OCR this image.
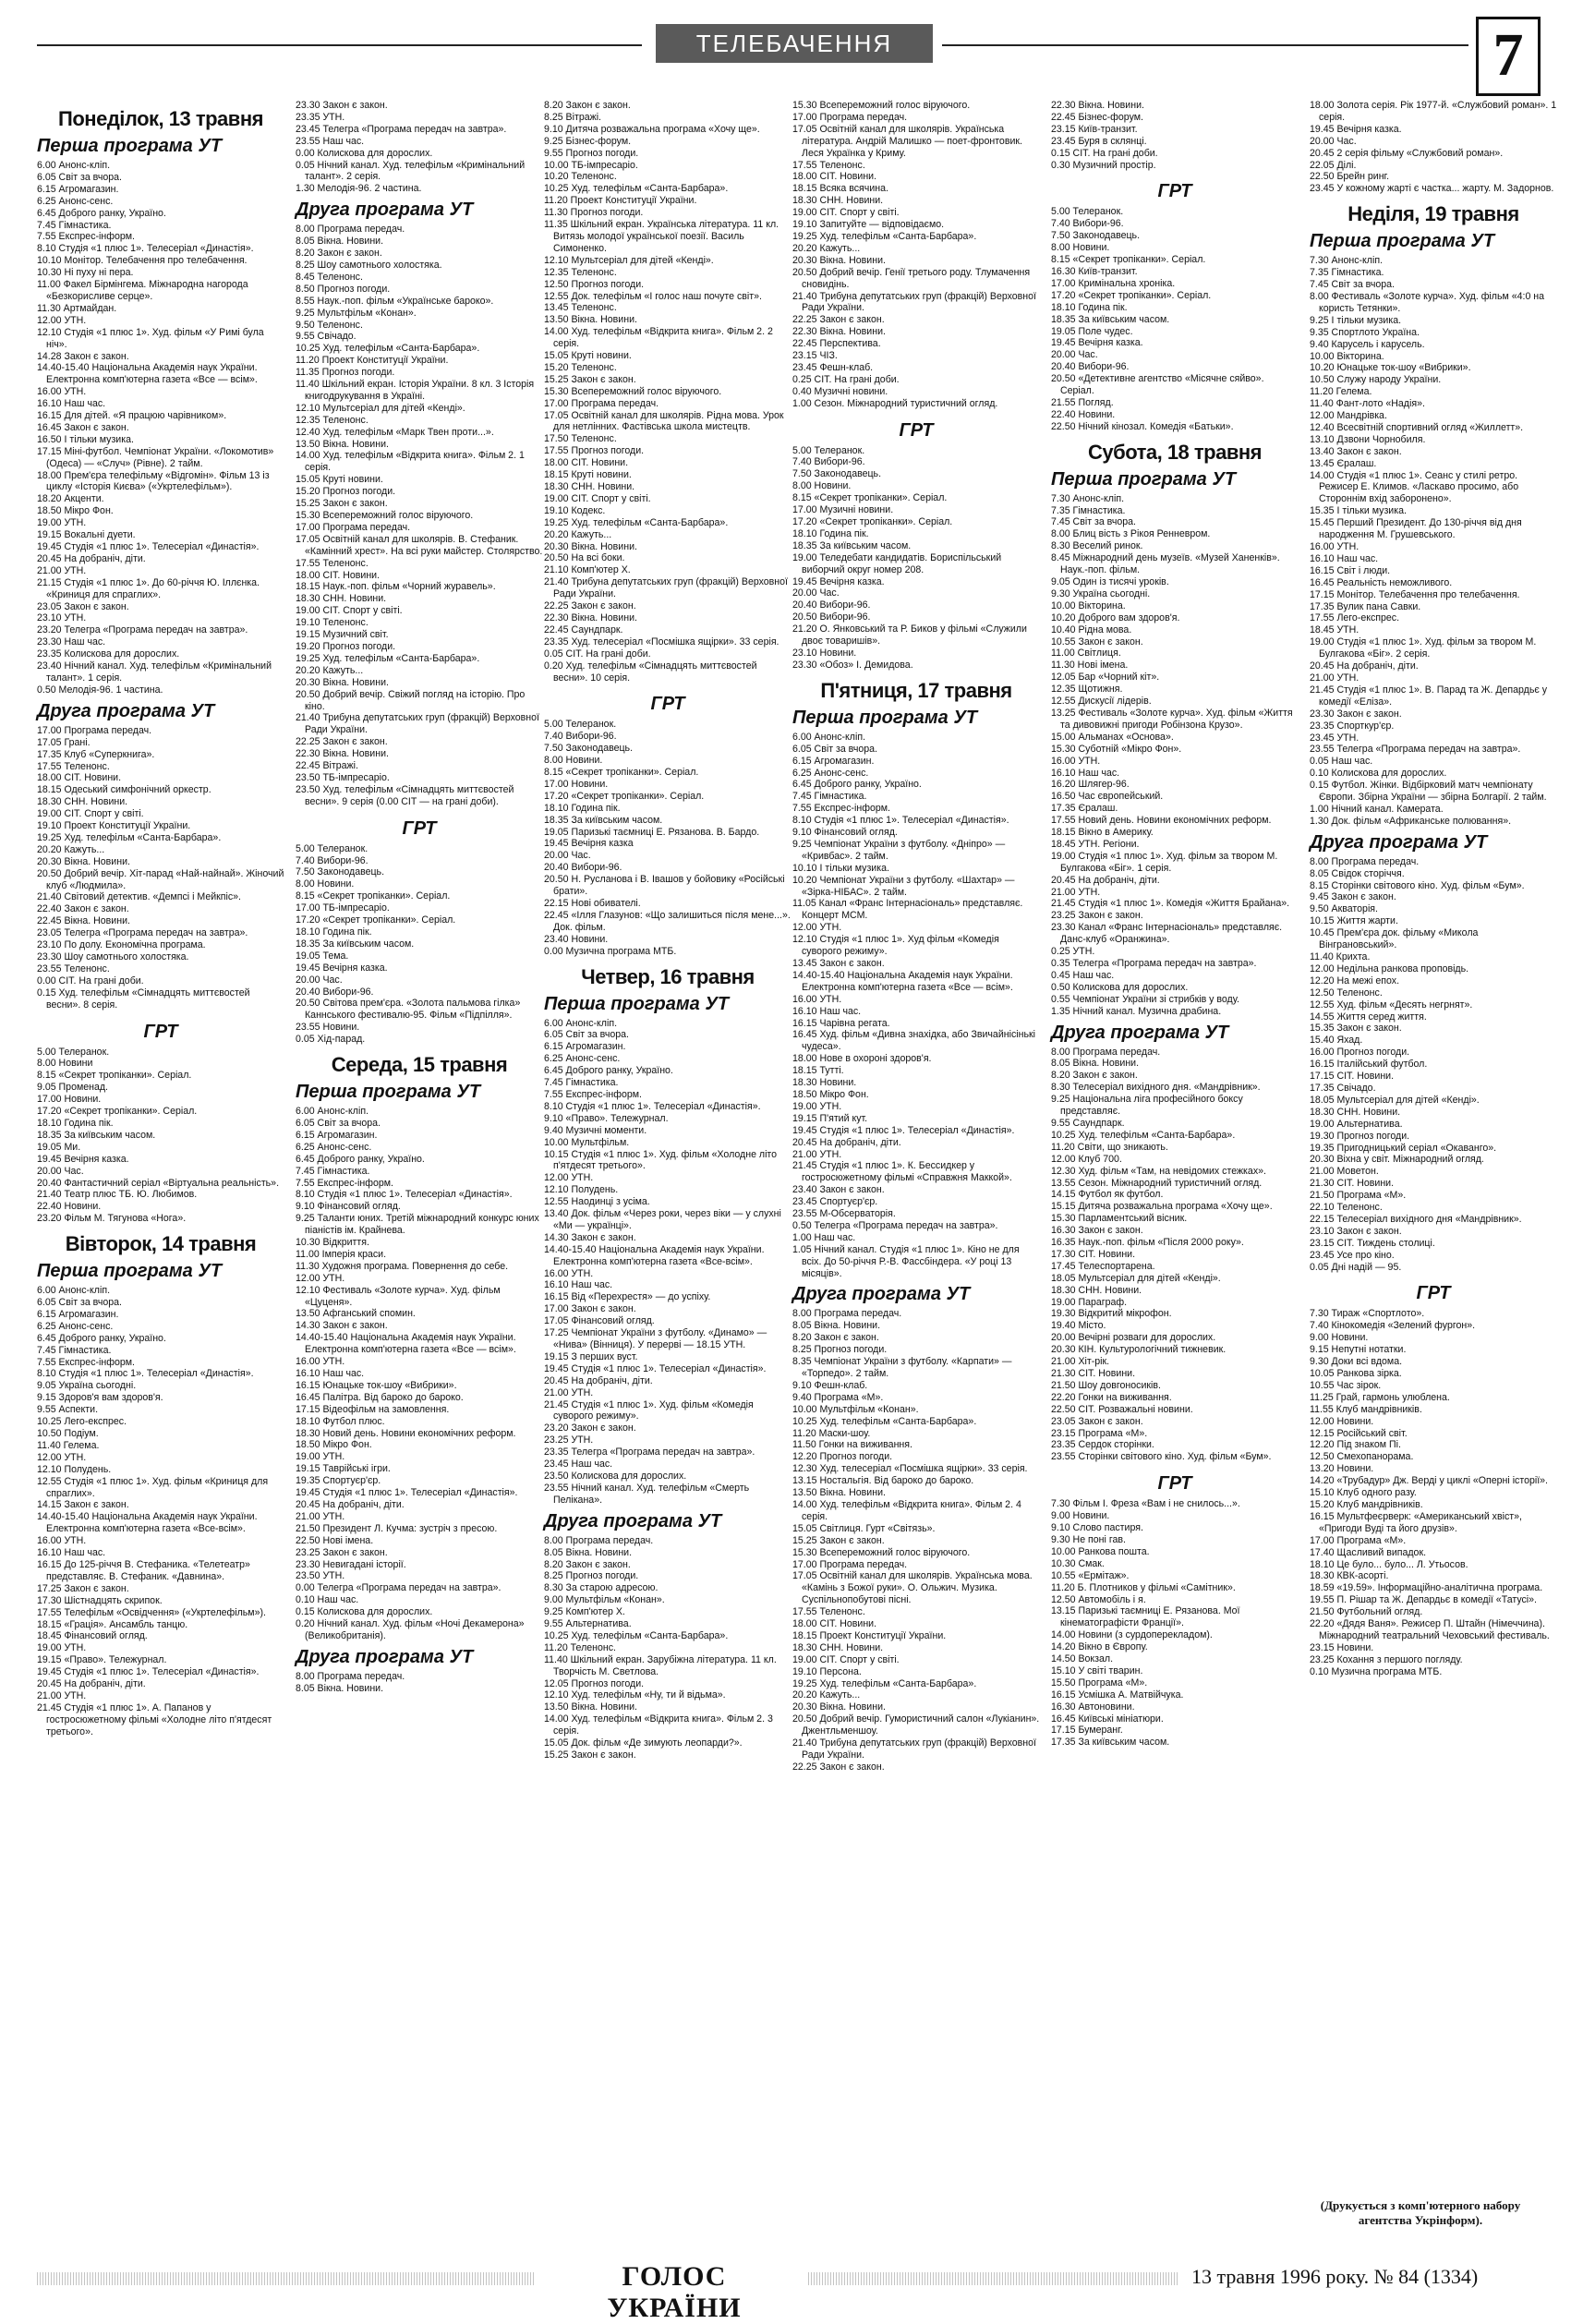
ТЕЛЕБАЧЕННЯ	7
Понеділок, 13 травня
Перша програма УТ
6.00 Анонс-кліп.
6.05 Світ за вчора.
6.15 Агромагазин.
6.25 Анонс-сенс.
6.45 Доброго ранку, Україно.
7.45 Гімнастика.
7.55 Експрес-інформ.
8.10 Студія «1 плюс 1». Телесеріал «Династія».
10.10 Монітор. Телебачення про телебачення.
10.30 Ні пуху ні пера.
11.00 Факел Бірмінгема. Міжнародна нагорода «Безкорисливе серце».
11.30 Артмайдан.
12.00 УТН.
12.10 Студія «1 плюс 1». Худ. фільм «У Римі була ніч».
14.28 Закон є закон.
14.40-15.40 Національна Академія наук України. Електронна комп'ютерна газета «Все — всім».
16.00 УТН.
16.10 Наш час.
16.15 Для дітей. «Я працюю чарівником».
16.45 Закон є закон.
16.50 І тільки музика.
17.15 Міні-футбол. Чемпіонат України. «Локомотив» (Одеса) — «Случ» (Рівне). 2 тайм.
18.00 Прем'єра телефільму «Відгомін». Фільм 13 із циклу «Історія Києва» («Укртелефільм»).
18.20 Акценти.
18.50 Мікро Фон.
19.00 УТН.
19.15 Вокальні дуети.
19.45 Студія «1 плюс 1». Телесеріал «Династія».
20.45 На добраніч, діти.
21.00 УТН.
21.15 Студія «1 плюс 1». До 60-річчя Ю. Іллєнка. «Криниця для спраглих».
23.05 Закон є закон.
23.10 УТН.
23.20 Телегра «Програма передач на завтра».
23.30 Наш час.
23.35 Колискова для дорослих.
23.40 Нічний канал. Худ. телефільм «Кримінальний талант». 1 серія.
0.50 Мелодія-96. 1 частина.
Друга програма УТ
17.00 Програма передач.
17.05 Грані.
17.35 Клуб «Суперкнига».
17.55 Теленонс.
18.00 СІТ. Новини.
18.15 Одеський симфонічний оркестр.
18.30 СНН. Новини.
19.00 СІТ. Спорт у світі.
19.10 Проект Конституції України.
19.25 Худ. телефільм «Санта-Барбара».
20.20 Кажуть...
20.30 Вікна. Новини.
20.50 Добрий вечір. Хіт-парад «Най-найнай». Жіночий клуб «Людмила».
21.40 Світовий детектив. «Демпсі і Мейкпіс».
22.40 Закон є закон.
22.45 Вікна. Новини.
23.05 Телегра «Програма передач на завтра».
23.10 По долу. Економічна програма.
23.30 Шоу самотнього холостяка.
23.55 Теленонс.
0.00 СІТ. На грані доби.
0.15 Худ. телефільм «Сімнадцять миттєвостей весни». 8 серія.
ГРТ
5.00 Телеранок.
8.00 Новини
8.15 «Секрет тропіканки». Серіал.
9.05 Променад.
17.00 Новини.
17.20 «Секрет тропіканки». Серіал.
18.10 Година пік.
18.35 За київським часом.
19.05 Ми.
19.45 Вечірня казка.
20.00 Час.
20.40 Фантастичний серіал «Віртуальна реальність».
21.40 Театр плюс ТБ. Ю. Любимов.
22.40 Новини.
23.20 Фільм М. Тягунова «Нога».
Вівторок, 14 травня
Перша програма УТ
6.00 Анонс-кліп.
6.05 Світ за вчора.
6.15 Агромагазин.
6.25 Анонс-сенс.
6.45 Доброго ранку, Україно.
7.45 Гімнастика.
7.55 Експрес-інформ.
8.10 Студія «1 плюс 1». Телесеріал «Династія».
9.05 Україна сьогодні.
9.15 Здоров'я вам здоров'я.
9.55 Аспекти.
10.25 Лего-експрес.
10.50 Подіум.
11.40 Гелема.
12.00 УТН.
12.10 Полудень.
12.55 Студія «1 плюс 1». Худ. фільм «Криниця для спраглих».
14.15 Закон є закон.
14.40-15.40 Національна Академія наук України. Електронна комп'ютерна газета «Все-всім».
16.00 УТН.
16.10 Наш час.
16.15 До 125-річчя В. Стефаника. «Телетеатр» представляє. В. Стефаник. «Давнина».
17.25 Закон є закон.
17.30 Шістнадцять скрипок.
17.55 Телефільм «Освідчення» («Укртелефільм»).
18.15 «Грація». Ансамбль танцю.
18.45 Фінансовий огляд.
19.00 УТН.
19.15 «Право». Тележурнал.
19.45 Студія «1 плюс 1». Телесеріал «Династія».
20.45 На добраніч, діти.
21.00 УТН.
21.45 Студія «1 плюс 1». А. Папанов у гостросюжетному фільмі «Холодне літо п'ятдесят третього».
23.30 Закон є закон.
23.35 УТН.
23.45 Телегра «Програма передач на завтра».
23.55 Наш час.
0.00 Колискова для дорослих.
0.05 Нічний канал. Худ. телефільм «Кримінальний талант». 2 серія.
1.30 Мелодія-96. 2 частина.
Друга програма УТ
8.00 Програма передач.
8.05 Вікна. Новини.
8.20 Закон є закон.
8.25 Шоу самотнього холостяка.
8.45 Теленонс.
8.50 Прогноз погоди.
8.55 Наук.-поп. фільм «Українське бароко».
9.25 Мультфільм «Конан».
9.50 Теленонс.
9.55 Свічадо.
10.25 Худ. телефільм «Санта-Барбара».
11.20 Проект Конституції України.
11.35 Прогноз погоди.
11.40 Шкільний екран. Історія України. 8 кл. 3 Історія книгодрукування в Україні.
12.10 Мультсеріал для дітей «Кенді».
12.35 Теленонс.
12.40 Худ. телефільм «Марк Твен проти...».
13.50 Вікна. Новини.
14.00 Худ. телефільм «Відкрита книга». Фільм 2. 1 серія.
15.05 Круті новини.
15.20 Прогноз погоди.
15.25 Закон є закон.
15.30 Всепереможний голос віруючого.
17.00 Програма передач.
17.05 Освітній канал для школярів. В. Стефаник. «Камінний хрест». На всі руки майстер. Столярство.
17.55 Теленонс.
18.00 СІТ. Новини.
18.15 Наук.-поп. фільм «Чорний журавель».
18.30 СНН. Новини.
19.00 СІТ. Спорт у світі.
19.10 Теленонс.
19.15 Музичний світ.
19.20 Прогноз погоди.
19.25 Худ. телефільм «Санта-Барбара».
20.20 Кажуть...
20.30 Вікна. Новини.
20.50 Добрий вечір. Свіжий погляд на історію. Про кіно.
21.40 Трибуна депутатських груп (фракцій) Верховної Ради України.
22.25 Закон є закон.
22.30 Вікна. Новини.
22.45 Вітражі.
23.50 ТБ-імпресаріо.
23.50 Худ. телефільм «Сімнадцять миттєвостей весни». 9 серія (0.00 СІТ — на грані доби).
ГРТ
5.00 Телеранок.
7.40 Вибори-96.
7.50 Законодавець.
8.00 Новини.
8.15 «Секрет тропіканки». Серіал.
17.00 ТБ-імпресаріо.
17.20 «Секрет тропіканки». Серіал.
18.10 Година пік.
18.35 За київським часом.
19.05 Тема.
19.45 Вечірня казка.
20.00 Час.
20.40 Вибори-96.
20.50 Світова прем'єра. «Золота пальмова гілка» Каннського фестивалю-95. Фільм «Підпілля».
23.55 Новини.
0.05 Хід-парад.
Середа, 15 травня
Перша програма УТ
6.00 Анонс-кліп.
6.05 Світ за вчора.
6.15 Агромагазин.
6.25 Анонс-сенс.
6.45 Доброго ранку, Україно.
7.45 Гімнастика.
7.55 Експрес-інформ.
8.10 Студія «1 плюс 1». Телесеріал «Династія».
9.10 Фінансовий огляд.
9.25 Таланти юних. Третій міжнародний конкурс юних піаністів ім. Крайнева.
10.30 Відкриття.
11.00 Імперія краси.
11.30 Художня програма. Повернення до себе.
12.00 УТН.
12.10 Фестиваль «Золоте курча». Худ. фільм «Цуценя».
13.50 Афганський спомин.
14.30 Закон є закон.
14.40-15.40 Національна Академія наук України. Електронна комп'ютерна газета «Все — всім».
16.00 УТН.
16.10 Наш час.
16.15 Юнацьке ток-шоу «Вибрики».
16.45 Палітра. Від бароко до бароко.
17.15 Відеофільм на замовлення.
18.10 Футбол плюс.
18.30 Новий день. Новини економічних реформ.
18.50 Мікро Фон.
19.00 УТН.
19.15 Таврійські ігри.
19.35 Спортуєр'єр.
19.45 Студія «1 плюс 1». Телесеріал «Династія».
20.45 На добраніч, діти.
21.00 УТН.
21.50 Президент Л. Кучма: зустріч з пресою.
22.50 Нові імена.
23.25 Закон є закон.
23.30 Невигадані історії.
23.50 УТН.
0.00 Телегра «Програма передач на завтра».
0.10 Наш час.
0.15 Колискова для дорослих.
0.20 Нічний канал. Худ. фільм «Ночі Декамерона» (Великобританія).
Друга програма УТ
8.00 Програма передач.
8.05 Вікна. Новини.
8.20 Закон є закон.
8.25 Вітражі.
9.10 Дитяча розважальна програма «Хочу ще».
9.25 Бізнес-форум.
9.55 Прогноз погоди.
10.00 ТБ-імпресаріо.
10.20 Теленонс.
10.25 Худ. телефільм «Санта-Барбара».
11.20 Проект Конституції України.
11.30 Прогноз погоди.
11.35 Шкільний екран. Українська література. 11 кл. Витязь молодої української поезії. Василь Симоненко.
12.10 Мультсеріал для дітей «Кенді».
12.35 Теленонс.
12.50 Прогноз погоди.
12.55 Док. телефільм «І голос наш почуте світ».
13.45 Теленонс.
13.50 Вікна. Новини.
14.00 Худ. телефільм «Відкрита книга». Фільм 2. 2 серія.
15.05 Круті новини.
15.20 Теленонс.
15.25 Закон є закон.
15.30 Всепереможний голос віруючого.
17.00 Програма передач.
17.05 Освітній канал для школярів. Рідна мова. Урок для нетлінних. Фастівська школа мистецтв.
17.50 Теленонс.
17.55 Прогноз погоди.
18.00 СІТ. Новини.
18.15 Круті новини.
18.30 СНН. Новини.
19.00 СІТ. Спорт у світі.
19.10 Кодекс.
19.25 Худ. телефільм «Санта-Барбара».
20.20 Кажуть...
20.30 Вікна. Новини.
20.50 На всі боки.
21.10 Комп'ютер X.
21.40 Трибуна депутатських груп (фракцій) Верховної Ради України.
22.25 Закон є закон.
22.30 Вікна. Новини.
22.45 Саундпарк.
23.35 Худ. телесеріал «Посмішка ящірки». 33 серія.
0.05 СІТ. На грані доби.
0.20 Худ. телефільм «Сімнадцять миттєвостей весни». 10 серія.
ГРТ
5.00 Телеранок.
7.40 Вибори-96.
7.50 Законодавець.
8.00 Новини.
8.15 «Секрет тропіканки». Серіал.
17.00 Новини.
17.20 «Секрет тропіканки». Серіал.
18.10 Година пік.
18.35 За київським часом.
19.05 Паризькі таємниці Е. Рязанова. В. Бардо.
19.45 Вечірня казка
20.00 Час.
20.40 Вибори-96.
20.50 Н. Русланова і В. Івашов у бойовику «Російські брати».
22.15 Нові обивателі.
22.45 «Ілля Глазунов: «Що залишиться після мене...». Док. фільм.
23.40 Новини.
0.00 Музична програма МТБ.
Четвер, 16 травня
Перша програма УТ
6.00 Анонс-кліп.
6.05 Світ за вчора.
6.15 Агромагазин.
6.25 Анонс-сенс.
6.45 Доброго ранку, Україно.
7.45 Гімнастика.
7.55 Експрес-інформ.
8.10 Студія «1 плюс 1». Телесеріал «Династія».
9.10 «Право». Тележурнал.
9.40 Музичні моменти.
10.00 Мультфільм.
10.15 Студія «1 плюс 1». Худ. фільм «Холодне літо п'ятдесят третього».
12.00 УТН.
12.10 Полудень.
12.55 Наодинці з усіма.
13.40 Док. фільм «Через роки, через віки — у слухні «Ми — українці».
14.30 Закон є закон.
14.40-15.40 Національна Академія наук України. Електронна комп'ютерна газета «Все-всім».
16.00 УТН.
16.10 Наш час.
16.15 Від «Перехрестя» — до успіху.
17.00 Закон є закон.
17.05 Фінансовий огляд.
17.25 Чемпіонат України з футболу. «Динамо» — «Нива» (Вінниця). У перерві — 18.15 УТН.
19.15 З перших вуст.
19.45 Студія «1 плюс 1». Телесеріал «Династія».
20.45 На добраніч, діти.
21.00 УТН.
21.45 Студія «1 плюс 1». Худ. фільм «Комедія суворого режиму».
23.20 Закон є закон.
23.25 УТН.
23.35 Телегра «Програма передач на завтра».
23.45 Наш час.
23.50 Колискова для дорослих.
23.55 Нічний канал. Худ. телефільм «Смерть Пелікана».
Друга програма УТ
8.00 Програма передач.
8.05 Вікна. Новини.
8.20 Закон є закон.
8.25 Прогноз погоди.
8.30 За старою адресою.
9.00 Мультфільм «Конан».
9.25 Комп'ютер X.
9.55 Альтернатива.
10.25 Худ. телефільм «Санта-Барбара».
11.20 Теленонс.
11.40 Шкільний екран. Зарубіжна література. 11 кл. Творчість М. Светлова.
12.05 Прогноз погоди.
12.10 Худ. телефільм «Ну, ти й відьма».
13.50 Вікна. Новини.
14.00 Худ. телефільм «Відкрита книга». Фільм 2. 3 серія.
15.05 Док. фільм «Де зимують леопарди?».
15.25 Закон є закон.
15.30 Всепереможний голос віруючого.
17.00 Програма передач.
17.05 Освітній канал для школярів. Українська література. Андрій Малишко — поет-фронтовик. Леся Українка у Криму.
17.55 Теленонс.
18.00 СІТ. Новини.
18.15 Всяка всячина.
18.30 СНН. Новини.
19.00 СІТ. Спорт у світі.
19.10 Запитуйте — відповідаємо.
19.25 Худ. телефільм «Санта-Барбара».
20.20 Кажуть...
20.30 Вікна. Новини.
20.50 Добрий вечір. Генії третього роду. Тлумачення сновидінь.
21.40 Трибуна депутатських груп (фракцій) Верховної Ради України.
22.25 Закон є закон.
22.30 Вікна. Новини.
22.45 Перспектива.
23.15 ЧІЗ.
23.45 Фешн-клаб.
0.25 СІТ. На грані доби.
0.40 Музичні новини.
1.00 Сезон. Міжнародний туристичний огляд.
ГРТ
5.00 Телеранок.
7.40 Вибори-96.
7.50 Законодавець.
8.00 Новини.
8.15 «Секрет тропіканки». Серіал.
17.00 Музичні новини.
17.20 «Секрет тропіканки». Серіал.
18.10 Година пік.
18.35 За київським часом.
19.00 Теледебати кандидатів. Бориспільський виборчий округ номер 208.
19.45 Вечірня казка.
20.00 Час.
20.40 Вибори-96.
20.50 Вибори-96.
21.20 О. Янковський та Р. Биков у фільмі «Служили двоє товаришів».
23.10 Новини.
23.30 «Обоз» І. Демидова.
П'ятниця, 17 травня
Перша програма УТ
6.00 Анонс-кліп.
6.05 Світ за вчора.
6.15 Агромагазин.
6.25 Анонс-сенс.
6.45 Доброго ранку, Україно.
7.45 Гімнастика.
7.55 Експрес-інформ.
8.10 Студія «1 плюс 1». Телесеріал «Династія».
9.10 Фінансовий огляд.
9.25 Чемпіонат України з футболу. «Дніпро» — «Кривбас». 2 тайм.
10.10 І тільки музика.
10.20 Чемпіонат України з футболу. «Шахтар» — «Зірка-НІБАС». 2 тайм.
11.05 Канал «Франс Інтернасіональ» представляє. Концерт МСМ.
12.00 УТН.
12.10 Студія «1 плюс 1». Худ фільм «Комедія суворого режиму».
13.45 Закон є закон.
14.40-15.40 Національна Академія наук України. Електронна комп'ютерна газета «Все — всім».
16.00 УТН.
16.10 Наш час.
16.15 Чарівна регата.
16.45 Худ. фільм «Дивна знахідка, або Звичайнісінькі чудеса».
18.00 Нове в охороні здоров'я.
18.15 Тутті.
18.30 Новини.
18.50 Мікро Фон.
19.00 УТН.
19.15 П'ятий кут.
19.45 Студія «1 плюс 1». Телесеріал «Династія».
20.45 На добраніч, діти.
21.00 УТН.
21.45 Студія «1 плюс 1». К. Бессидкер у гостросюжетному фільмі «Справжня Маккой».
23.40 Закон є закон.
23.45 Спортуєр'єр.
23.55 М-Обсерваторія.
0.50 Телегра «Програма передач на завтра».
1.00 Наш час.
1.05 Нічний канал. Студія «1 плюс 1». Кіно не для всіх. До 50-річчя Р.-В. Фассбіндера. «У році 13 місяців».
Друга програма УТ
8.00 Програма передач.
8.05 Вікна. Новини.
8.20 Закон є закон.
8.25 Прогноз погоди.
8.35 Чемпіонат України з футболу. «Карпати» — «Торпедо». 2 тайм.
9.10 Фешн-клаб.
9.40 Програма «М».
10.00 Мультфільм «Конан».
10.25 Худ. телефільм «Санта-Барбара».
11.20 Маски-шоу.
11.50 Гонки на виживання.
12.20 Прогноз погоди.
12.30 Худ. телесеріал «Посмішка ящірки». 33 серія.
13.15 Ностальгія. Від бароко до бароко.
13.50 Вікна. Новини.
14.00 Худ. телефільм «Відкрита книга». Фільм 2. 4 серія.
15.05 Світлиця. Гурт «Світязь».
15.25 Закон є закон.
15.30 Всепереможний голос віруючого.
17.00 Програма передач.
17.05 Освітній канал для школярів. Українська мова. «Камінь з Божої руки». О. Ольжич. Музика. Суспільнопобутові пісні.
17.55 Теленонс.
18.00 СІТ. Новини.
18.15 Проект Конституції України.
18.30 СНН. Новини.
19.00 СІТ. Спорт у світі.
19.10 Персона.
19.25 Худ. телефільм «Санта-Барбара».
20.20 Кажуть...
20.30 Вікна. Новини.
20.50 Добрий вечір. Гумористичний салон «Лукіанин». Джентльменшоу.
21.40 Трибуна депутатських груп (фракцій) Верховної Ради України.
22.25 Закон є закон.
22.30 Вікна. Новини.
22.45 Бізнес-форум.
23.15 Київ-транзит.
23.45 Буря в склянці.
0.15 СІТ. На грані доби.
0.30 Музичний простір.
ГРТ
5.00 Телеранок.
7.40 Вибори-96.
7.50 Законодавець.
8.00 Новини.
8.15 «Секрет тропіканки». Серіал.
16.30 Київ-транзит.
17.00 Кримінальна хроніка.
17.20 «Секрет тропіканки». Серіал.
18.10 Година пік.
18.35 За київським часом.
19.05 Поле чудес.
19.45 Вечірня казка.
20.00 Час.
20.40 Вибори-96.
20.50 «Детективне агентство «Місячне сяйво». Серіал.
21.55 Погляд.
22.40 Новини.
22.50 Нічний кінозал. Комедія «Батьки».
Субота, 18 травня
Перша програма УТ
7.30 Анонс-кліп.
7.35 Гімнастика.
7.45 Світ за вчора.
8.00 Блиц вість з Рікоя Ренневром.
8.30 Веселий ринок.
8.45 Міжнародний день музеїв. «Музей Ханенків». Наук.-поп. фільм.
9.05 Один із тисячі уроків.
9.30 Україна сьогодні.
10.00 Вікторина.
10.20 Доброго вам здоров'я.
10.40 Рідна мова.
10.55 Закон є закон.
11.00 Світлиця.
11.30 Нові імена.
12.05 Бар «Чорний кіт».
12.35 Щотижня.
12.55 Дискусії лідерів.
13.25 Фестиваль «Золоте курча». Худ. фільм «Життя та дивовижні пригоди Робінзона Крузо».
15.00 Альманах «Основа».
15.30 Суботній «Мікро Фон».
16.00 УТН.
16.10 Наш час.
16.20 Шлягер-96.
16.50 Час європейський.
17.35 Єралаш.
17.55 Новий день. Новини економічних реформ.
18.15 Вікно в Америку.
18.45 УТН. Регіони.
19.00 Студія «1 плюс 1». Худ. фільм за твором М. Булгакова «Біг». 1 серія.
20.45 На добраніч, діти.
21.00 УТН.
21.45 Студія «1 плюс 1». Комедія «Життя Брайана».
23.25 Закон є закон.
23.30 Канал «Франс Інтернасіональ» представляє. Данс-клуб «Оранжина».
0.25 УТН.
0.35 Телегра «Програма передач на завтра».
0.45 Наш час.
0.50 Колискова для дорослих.
0.55 Чемпіонат України зі стрибків у воду.
1.35 Нічний канал. Музична драбина.
Друга програма УТ
8.00 Програма передач.
8.05 Вікна. Новини.
8.20 Закон є закон.
8.30 Телесеріал вихідного дня. «Мандрівник».
9.25 Національна ліга професійного боксу представляє.
9.55 Саундпарк.
10.25 Худ. телефільм «Санта-Барбара».
11.20 Світи, що зникають.
12.00 Клуб 700.
12.30 Худ. фільм «Там, на невідомих стежках».
13.55 Сезон. Міжнародний туристичний огляд.
14.15 Футбол як футбол.
15.15 Дитяча розважальна програма «Хочу ще».
15.30 Парламентський вісник.
16.30 Закон є закон.
16.35 Наук.-поп. фільм «Після 2000 року».
17.30 СІТ. Новини.
17.45 Телеспортарена.
18.05 Мультсеріал для дітей «Кенді».
18.30 СНН. Новини.
19.00 Параграф.
19.30 Відкритий мікрофон.
19.40 Місто.
20.00 Вечірні розваги для дорослих.
20.30 КІН. Культурологічний тижневик.
21.00 Хіт-рік.
21.30 СІТ. Новини.
21.50 Шоу довгоносиків.
22.20 Гонки на виживання.
22.50 СІТ. Розважальні новини.
23.05 Закон є закон.
23.15 Програма «М».
23.35 Сердок сторінки.
23.55 Сторінки світового кіно. Худ. фільм «Бум».
ГРТ
7.30 Фільм І. Фреза «Вам і не снилось...».
9.00 Новини.
9.10 Слово пастиря.
9.30 Не поні гав.
10.00 Ранкова пошта.
10.30 Смак.
10.55 «Ермітаж».
11.20 Б. Плотников у фільмі «Самітник».
12.50 Автомобіль і я.
13.15 Паризькі таємниці Е. Рязанова. Мої кінематографісти Франції».
14.00 Новини (з сурдоперекладом).
14.20 Вікно в Європу.
14.50 Вокзал.
15.10 У світі тварин.
15.50 Програма «М».
16.15 Усмішка А. Матвійчука.
16.30 Автоновини.
16.45 Київські мініатюри.
17.15 Бумеранг.
17.35 За київським часом.
18.00 Золота серія. Рік 1977-й. «Службовий роман». 1 серія.
19.45 Вечірня казка.
20.00 Час.
20.45 2 серія фільму «Службовий роман».
22.05 Ділі.
22.50 Брейн ринг.
23.45 У кожному жарті є частка... жарту. М. Задорнов.
Неділя, 19 травня
Перша програма УТ
7.30 Анонс-кліп.
7.35 Гімнастика.
7.45 Світ за вчора.
8.00 Фестиваль «Золоте курча». Худ. фільм «4:0 на користь Тетянки».
9.25 І тільки музика.
9.35 Спортлото Україна.
9.40 Карусель і карусель.
10.00 Вікторина.
10.20 Юнацьке ток-шоу «Вибрики».
10.50 Служу народу України.
11.20 Гелема.
11.40 Фант-лото «Надія».
12.00 Мандрівка.
12.40 Всесвітній спортивний огляд «Жиллетт».
13.10 Дзвони Чорнобиля.
13.40 Закон є закон.
13.45 Єралаш.
14.00 Студія «1 плюс 1». Сеанс у стилі ретро. Режисер Е. Климов. «Ласкаво просимо, або Стороннім вхід заборонено».
15.35 І тільки музика.
15.45 Перший Президент. До 130-річчя від дня народження М. Грушевського.
16.00 УТН.
16.10 Наш час.
16.15 Світ і люди.
16.45 Реальність неможливого.
17.15 Монітор. Телебачення про телебачення.
17.35 Вулик пана Савки.
17.55 Лего-експрес.
18.45 УТН.
19.00 Студія «1 плюс 1». Худ. фільм за твором М. Булгакова «Біг». 2 серія.
20.45 На добраніч, діти.
21.00 УТН.
21.45 Студія «1 плюс 1». В. Парад та Ж. Депардьє у комедії «Еліза».
23.30 Закон є закон.
23.35 Спорткур'єр.
23.45 УТН.
23.55 Телегра «Програма передач на завтра».
0.05 Наш час.
0.10 Колискова для дорослих.
0.15 Футбол. Жінки. Відбірковий матч чемпіонату Європи. Збірна України — збірна Болгарії. 2 тайм.
1.00 Нічний канал. Камерата.
1.30 Док. фільм «Африканське полювання».
Друга програма УТ
8.00 Програма передач.
8.05 Свідок сторіччя.
8.15 Сторінки світового кіно. Худ. фільм «Бум».
9.45 Закон є закон.
9.50 Акваторія.
10.15 Життя жарти.
10.45 Прем'єра док. фільму «Микола Вінграновський».
11.40 Крихта.
12.00 Недільна ранкова проповідь.
12.20 На межі епох.
12.50 Теленонс.
12.55 Худ. фільм «Десять негрнят».
14.55 Життя серед життя.
15.35 Закон є закон.
15.40 Яхад.
16.00 Прогноз погоди.
16.15 Італійський футбол.
17.15 СІТ. Новини.
17.35 Свічадо.
18.05 Мультсеріал для дітей «Кенді».
18.30 СНН. Новини.
19.00 Альтернатива.
19.30 Прогноз погоди.
19.35 Пригодницький серіал «Окаванго».
20.30 Віхна у світ. Міжнародний огляд.
21.00 Моветон.
21.30 СІТ. Новини.
21.50 Програма «М».
22.10 Теленонс.
22.15 Телесеріал вихідного дня «Мандрівник».
23.10 Закон є закон.
23.15 СІТ. Тиждень столиці.
23.45 Усе про кіно.
0.05 Дні надій — 95.
ГРТ
7.30 Тираж «Спортлото».
7.40 Кінокомедія «Зелений фургон».
9.00 Новини.
9.15 Непутні нотатки.
9.30 Доки всі вдома.
10.05 Ранкова зірка.
10.55 Час зірок.
11.25 Грай, гармонь улюблена.
11.55 Клуб мандрівників.
12.00 Новини.
12.15 Російський світ.
12.20 Під знаком Пі.
12.50 Смехопанорама.
13.20 Новини.
14.20 «Трубадур» Дж. Верді у циклі «Оперні історії».
15.10 Клуб одного разу.
15.20 Клуб мандрівників.
16.15 Мультфеєрверк: «Американський хвіст», «Пригоди Вуді та його друзів».
17.00 Програма «М».
17.40 Щасливий випадок.
18.10 Це було... було... Л. Утьосов.
18.30 КВК-асорті.
18.59 «19.59». Інформаційно-аналітична програма.
19.55 П. Рішар та Ж. Депардьє в комедії «Татусі».
21.50 Футбольний огляд.
22.20 «Дядя Ваня». Режисер П. Штайн (Німеччина). Міжнародний театральний Чеховський фестиваль.
23.15 Новини.
23.25 Кохання з першого погляду.
0.10 Музична програма МТБ.
(Друкується з комп'ютерного набору агентства Укрінформ).
ГОЛОС УКРАЇНИ
13 травня 1996 року. № 84 (1334)
